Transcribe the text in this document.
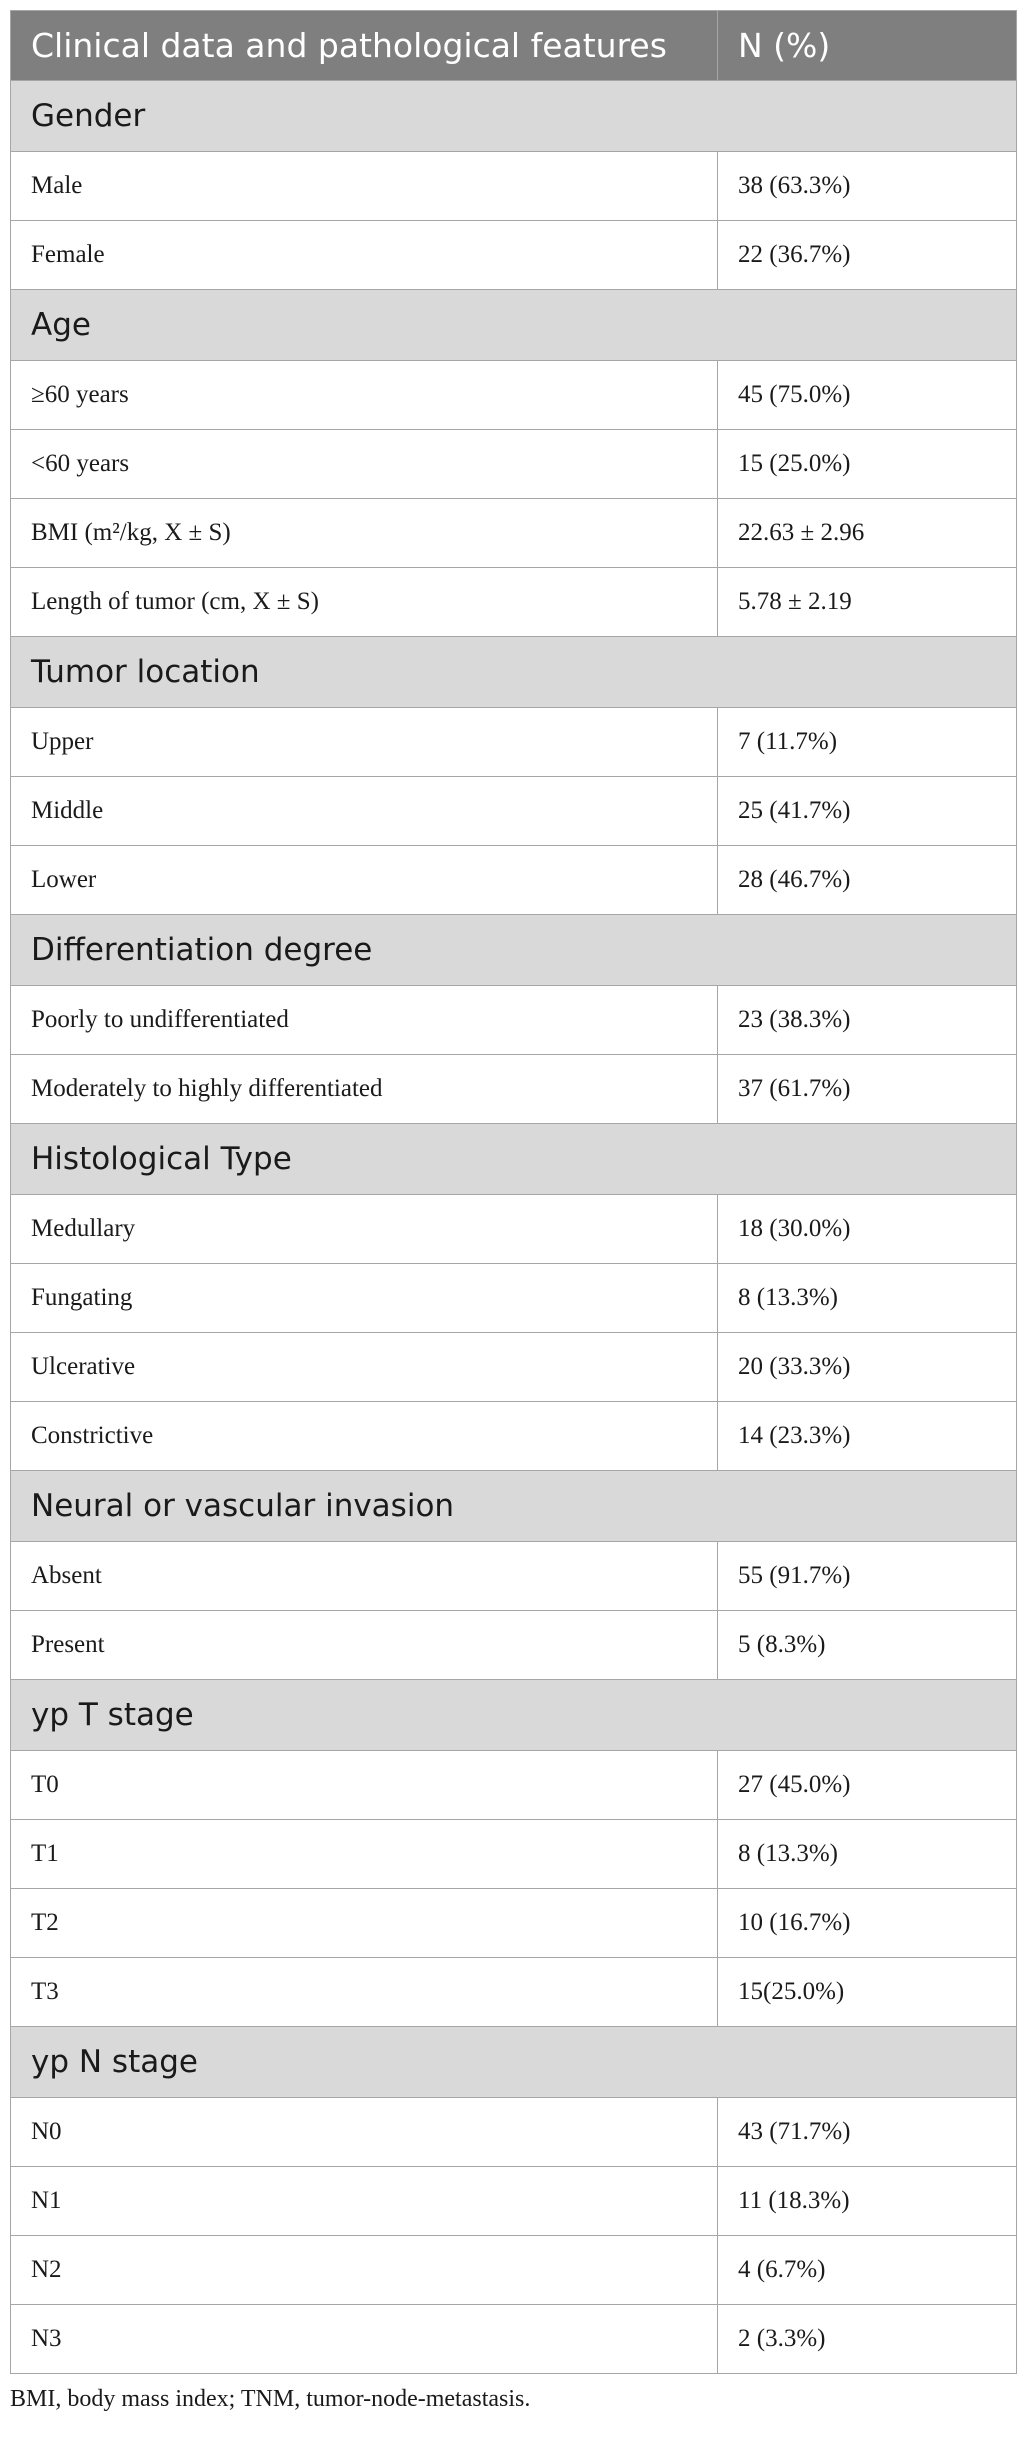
Clinical data and pathological features	N (%)
Gender	
Male	38 (63.3%)
Female	22 (36.7%)
Age	
≥60 years	45 (75.0%)
<60 years	15 (25.0%)
BMI (m²/kg, X ± S)	22.63 ± 2.96
Length of tumor (cm, X ± S)	5.78 ± 2.19
Tumor location	
Upper	7 (11.7%)
Middle	25 (41.7%)
Lower	28 (46.7%)
Differentiation degree	
Poorly to undifferentiated	23 (38.3%)
Moderately to highly differentiated	37 (61.7%)
Histological Type	
Medullary	18 (30.0%)
Fungating	8 (13.3%)
Ulcerative	20 (33.3%)
Constrictive	14 (23.3%)
Neural or vascular invasion	
Absent	55 (91.7%)
Present	5 (8.3%)
yp T stage	
T0	27 (45.0%)
T1	8 (13.3%)
T2	10 (16.7%)
T3	15(25.0%)
yp N stage	
N0	43 (71.7%)
N1	11 (18.3%)
N2	4 (6.7%)
N3	2 (3.3%)
BMI, body mass index; TNM, tumor-node-metastasis.
